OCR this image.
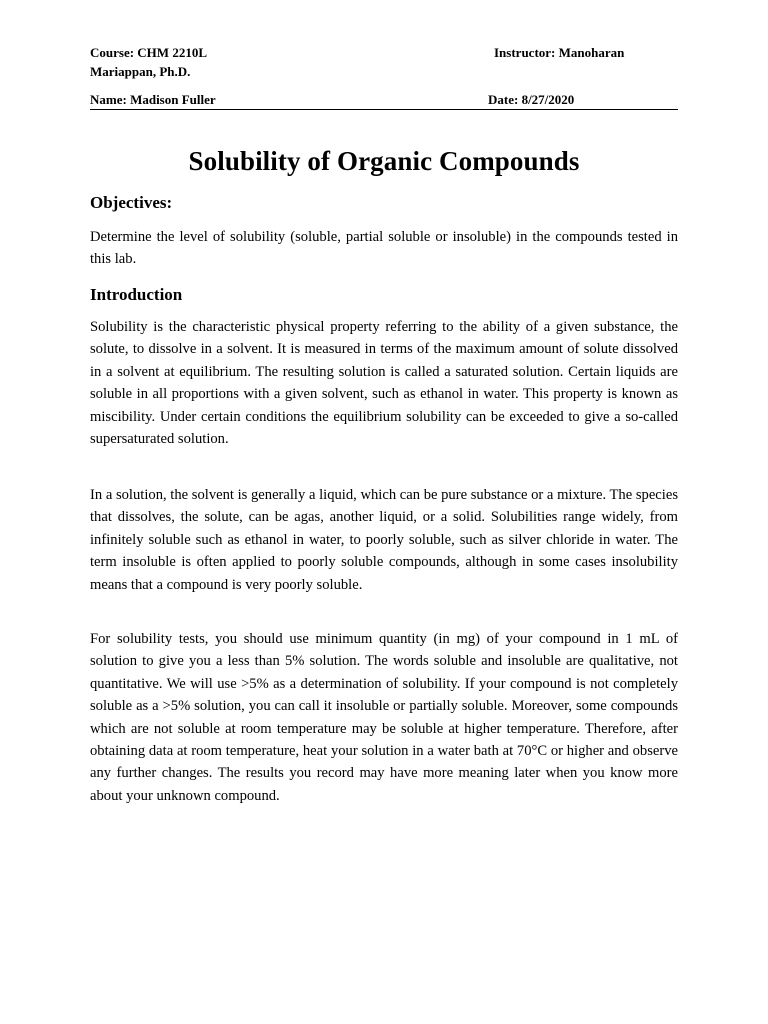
Course: CHM 2210L	Instructor: Manoharan
Mariappan, Ph.D.
Name: Madison Fuller	Date: 8/27/2020
Solubility of Organic Compounds
Objectives:
Determine the level of solubility (soluble, partial soluble or insoluble) in the compounds tested in this lab.
Introduction
Solubility is the characteristic physical property referring to the ability of a given substance, the solute, to dissolve in a solvent. It is measured in terms of the maximum amount of solute dissolved in a solvent at equilibrium. The resulting solution is called a saturated solution. Certain liquids are soluble in all proportions with a given solvent, such as ethanol in water. This property is known as miscibility. Under certain conditions the equilibrium solubility can be exceeded to give a so-called supersaturated solution.
In a solution, the solvent is generally a liquid, which can be pure substance or a mixture. The species that dissolves, the solute, can be agas, another liquid, or a solid. Solubilities range widely, from infinitely soluble such as ethanol in water, to poorly soluble, such as silver chloride in water. The term insoluble is often applied to poorly soluble compounds, although in some cases insolubility means that a compound is very poorly soluble.
For solubility tests, you should use minimum quantity (in mg) of your compound in 1 mL of solution to give you a less than 5% solution. The words soluble and insoluble are qualitative, not quantitative. We will use >5% as a determination of solubility. If your compound is not completely soluble as a >5% solution, you can call it insoluble or partially soluble. Moreover, some compounds which are not soluble at room temperature may be soluble at higher temperature. Therefore, after obtaining data at room temperature, heat your solution in a water bath at 70°C or higher and observe any further changes. The results you record may have more meaning later when you know more about your unknown compound.
